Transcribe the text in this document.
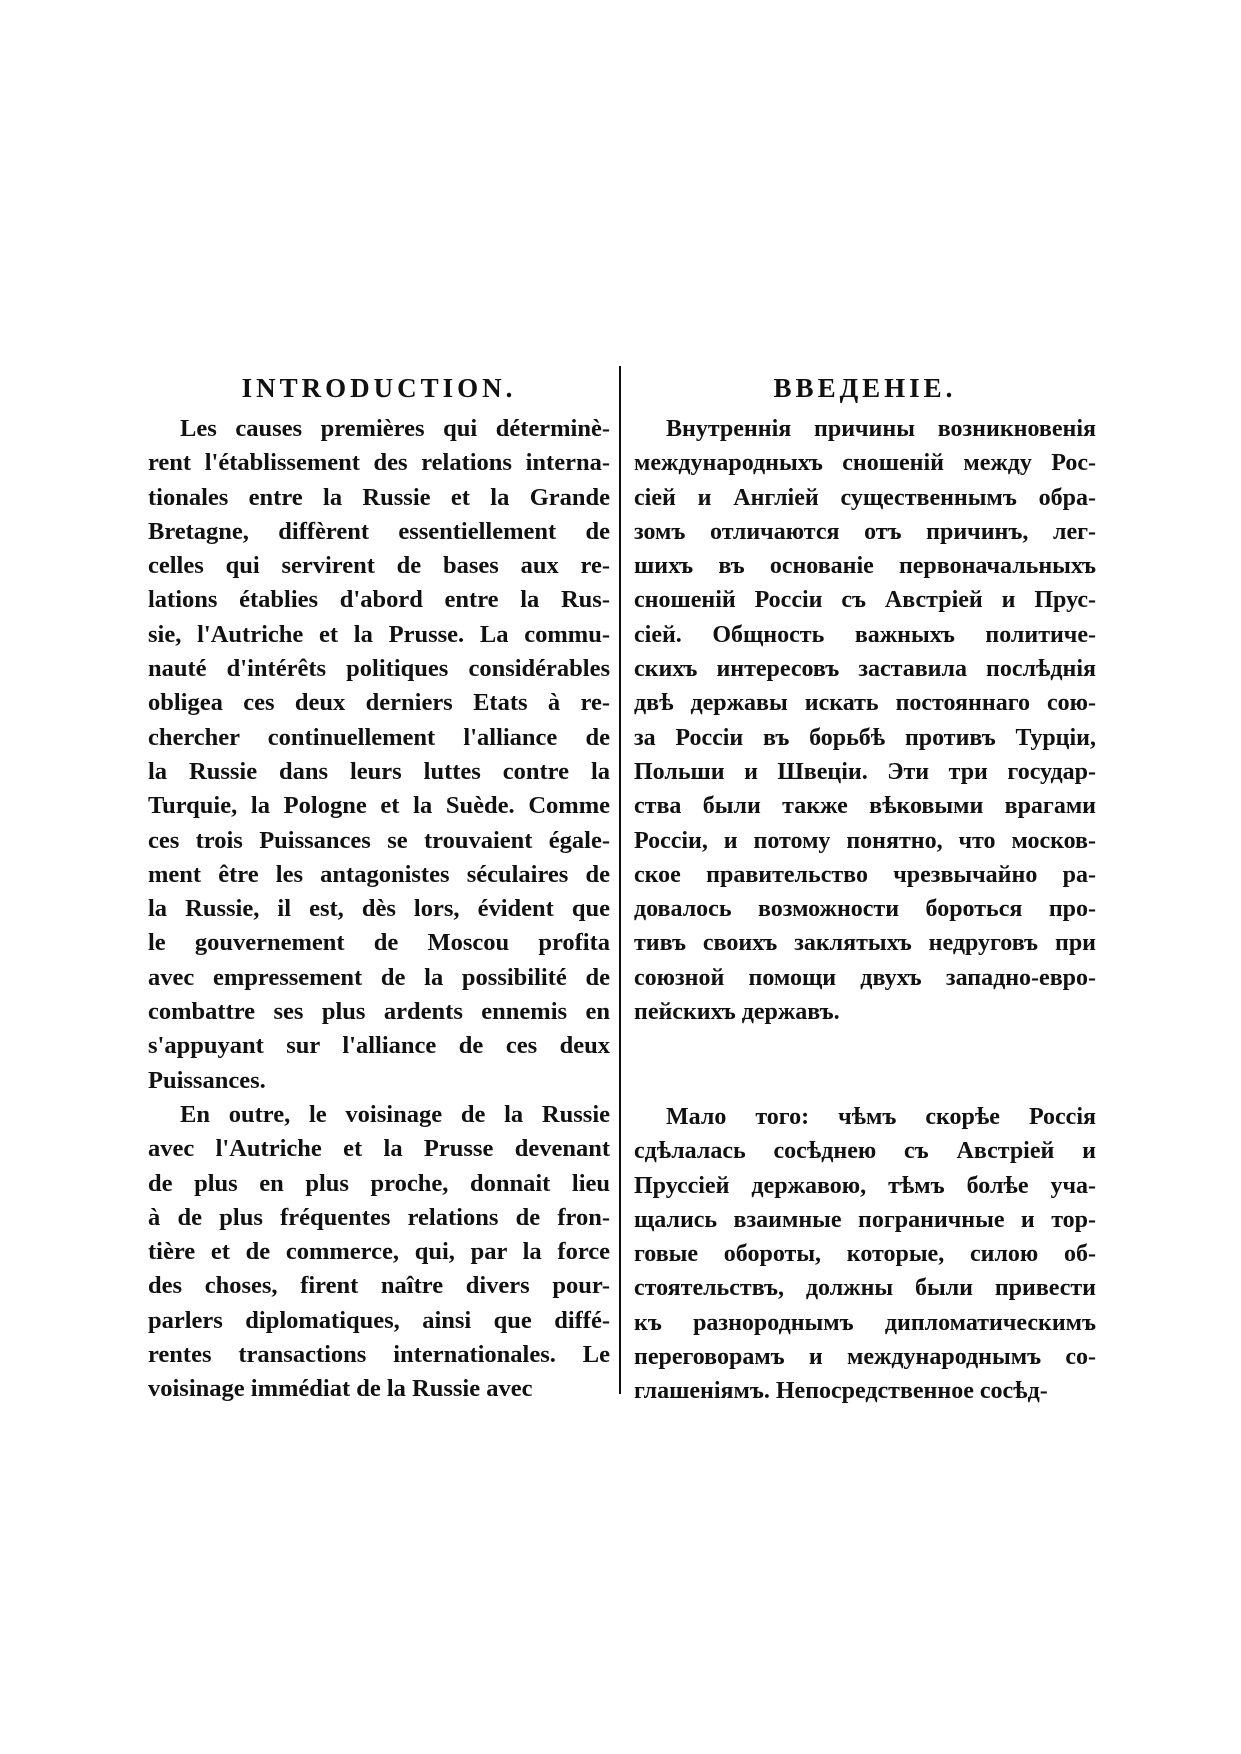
INTRODUCTION.
Les causes premières qui déterminè-
rent l'établissement des relations interna-
tionales entre la Russie et la Grande
Bretagne, diffèrent essentiellement de
celles qui servirent de bases aux re-
lations établies d'abord entre la Rus-
sie, l'Autriche et la Prusse. La commu-
nauté d'intérêts politiques considérables
obligea ces deux derniers Etats à re-
chercher continuellement l'alliance de
la Russie dans leurs luttes contre la
Turquie, la Pologne et la Suède. Comme
ces trois Puissances se trouvaient égale-
ment être les antagonistes séculaires de
la Russie, il est, dès lors, évident que
le gouvernement de Moscou profita
avec empressement de la possibilité de
combattre ses plus ardents ennemis en
s'appuyant sur l'alliance de ces deux
Puissances.
En outre, le voisinage de la Russie
avec l'Autriche et la Prusse devenant
de plus en plus proche, donnait lieu
à de plus fréquentes relations de fron-
tière et de commerce, qui, par la force
des choses, firent naître divers pour-
parlers diplomatiques, ainsi que diffé-
rentes transactions internationales. Le
voisinage immédiat de la Russie avec
ВВЕДЕНІЕ.
Внутреннія причины возникновенія
международныхъ сношеній между Рос-
сіей и Англіей существеннымъ обра-
зомъ отличаются отъ причинъ, лег-
шихъ въ основаніе первоначальныхъ
сношеній Россіи съ Австріей и Прус-
сіей. Общность важныхъ политиче-
скихъ интересовъ заставила послѣднія
двѣ державы искать постояннаго сою-
за Россіи въ борьбѣ противъ Турціи,
Польши и Швеціи. Эти три государ-
ства были также вѣковыми врагами
Россіи, и потому понятно, что москов-
ское правительство чрезвычайно ра-
довалось возможности бороться про-
тивъ своихъ заклятыхъ недруговъ при
союзной помощи двухъ западно-евро-
пейскихъ державъ.
Мало того: чѣмъ скорѣе Россія
сдѣлалась сосѣднею съ Австріей и
Пруссіей державою, тѣмъ болѣе уча-
щались взаимные пограничные и тор-
говые обороты, которые, силою об-
стоятельствъ, должны были привести
къ разнороднымъ дипломатическимъ
переговорамъ и международнымъ со-
глашеніямъ. Непосредственное сосѣд-
